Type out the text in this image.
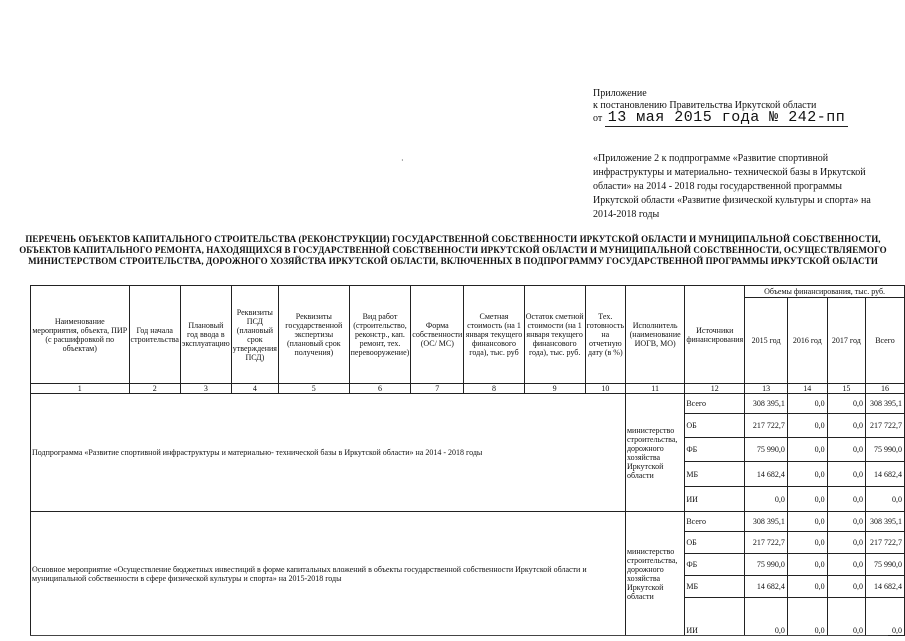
Приложение
к постановлению Правительства Иркутской области
от 13 мая 2015 года № 242-пп
·	«Приложение 2 к подпрограмме «Развитие спортивной инфраструктуры и материально- технической базы в Иркутской области» на 2014 - 2018 годы государственной программы Иркутской области «Развитие физической культуры и спорта» на 2014-2018 годы
ПЕРЕЧЕНЬ ОБЪЕКТОВ КАПИТАЛЬНОГО СТРОИТЕЛЬСТВА (РЕКОНСТРУКЦИИ) ГОСУДАРСТВЕННОЙ СОБСТВЕННОСТИ ИРКУТСКОЙ ОБЛАСТИ И МУНИЦИПАЛЬНОЙ СОБСТВЕННОСТИ, ОБЪЕКТОВ КАПИТАЛЬНОГО РЕМОНТА, НАХОДЯЩИХСЯ В ГОСУДАРСТВЕННОЙ СОБСТВЕННОСТИ ИРКУТСКОЙ ОБЛАСТИ И МУНИЦИПАЛЬНОЙ СОБСТВЕННОСТИ, ОСУЩЕСТВЛЯЕМОГО МИНИСТЕРСТВОМ СТРОИТЕЛЬСТВА, ДОРОЖНОГО ХОЗЯЙСТВА ИРКУТСКОЙ ОБЛАСТИ, ВКЛЮЧЕННЫХ В ПОДПРОГРАММУ ГОСУДАРСТВЕННОЙ ПРОГРАММЫ ИРКУТСКОЙ ОБЛАСТИ
Наименование мероприятия, объекта, ПИР (с расшифровкой по объектам)	Год начала строительства	Плановый год ввода в эксплуатацию	Реквизиты ПСД (плановый срок утверждения ПСД)	Реквизиты государственной экспертизы (плановый срок получения)	Вид работ (строительство, реконстр., кап. ремонт, тех. перевооружение)	Форма собственности (ОС/ МС)	Сметная стоимость (на 1 января текущего финансового года), тыс. руб	Остаток сметной стоимости (на 1 января текущего финансового года), тыс. руб.	Тех. готовность на отчетную дату (в %)	Исполнитель (наименование ИОГВ, МО)	Источники финансирования	Объемы финансирования, тыс. руб.			
												2015 год	2016 год	2017 год	Всего
1	2	3	4	5	6	7	8	9	10	11	12	13	14	15	16
Подпрограмма «Развитие спортивной инфраструктуры и материально- технической базы в Иркутской области» на 2014 - 2018 годы										министерство строительства, дорожного хозяйства Иркутской области	Всего	308 395,1	0,0	0,0	308 395,1
											ОБ	217 722,7	0,0	0,0	217 722,7
											ФБ	75 990,0	0,0	0,0	75 990,0
											МБ	14 682,4	0,0	0,0	14 682,4
											ИИ	0,0	0,0	0,0	0,0
Основное мероприятие «Осуществление бюджетных инвестиций в форме капитальных вложений в объекты государственной собственности Иркутской области и муниципальной собственности в сфере физической культуры и спорта» на 2015-2018 годы										министерство строительства, дорожного хозяйства Иркутской области	Всего	308 395,1	0,0	0,0	308 395,1
											ОБ	217 722,7	0,0	0,0	217 722,7
											ФБ	75 990,0	0,0	0,0	75 990,0
											МБ	14 682,4	0,0	0,0	14 682,4
											ИИ	0,0	0,0	0,0	0,0
